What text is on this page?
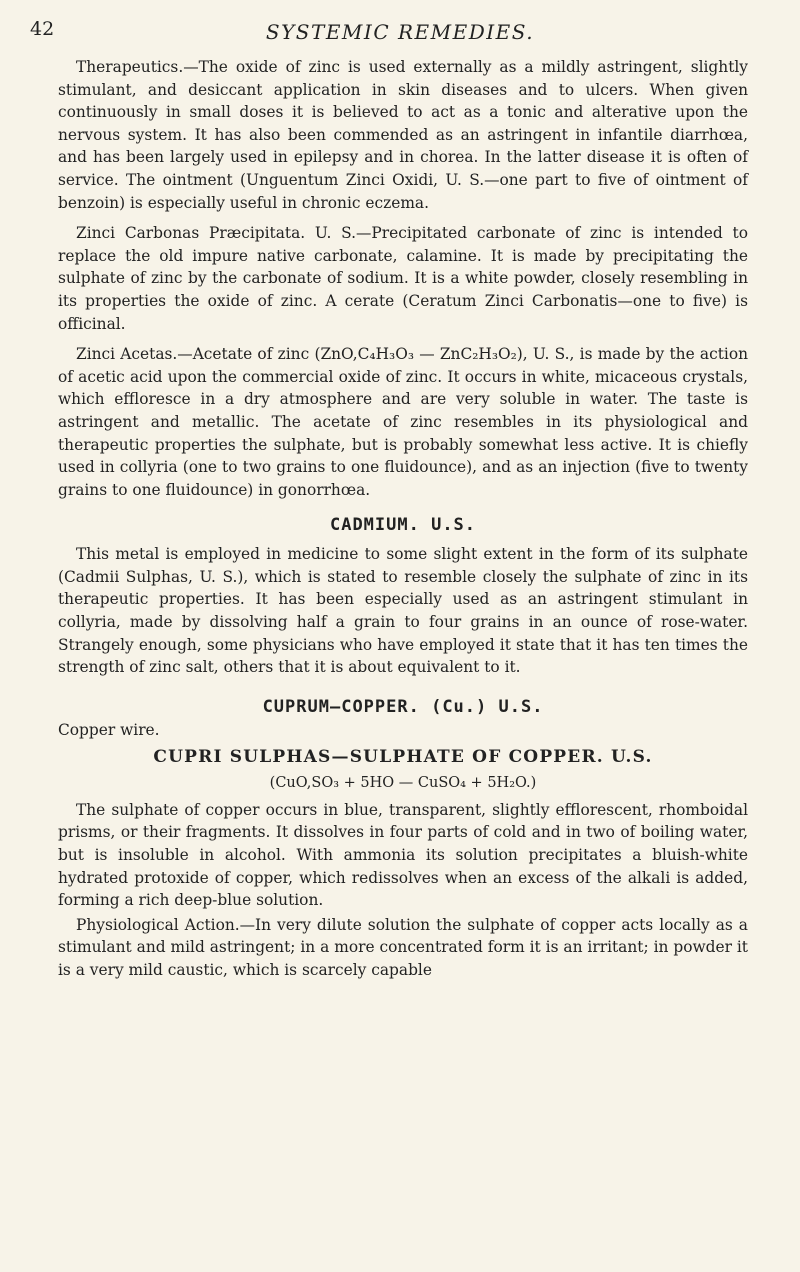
42	SYSTEMIC REMEDIES.

Therapeutics.—The oxide of zinc is used externally as a mildly astringent, slightly stimulant, and desiccant application in skin diseases and to ulcers. When given continuously in small doses it is believed to act as a tonic and alterative upon the nervous system. It has also been commended as an astringent in infantile diarrhœa, and has been largely used in epilepsy and in chorea. In the latter disease it is often of service. The ointment (Unguentum Zinci Oxidi, U. S.—one part to five of ointment of benzoin) is especially useful in chronic eczema.

Zinci Carbonas Præcipitata. U. S.—Precipitated carbonate of zinc is intended to replace the old impure native carbonate, calamine. It is made by precipitating the sulphate of zinc by the carbonate of sodium. It is a white powder, closely resembling in its properties the oxide of zinc. A cerate (Ceratum Zinci Carbonatis—one to five) is officinal.

Zinci Acetas.—Acetate of zinc (ZnO,C₄H₃O₃ — ZnC₂H₃O₂), U. S., is made by the action of acetic acid upon the commercial oxide of zinc. It occurs in white, micaceous crystals, which effloresce in a dry atmosphere and are very soluble in water. The taste is astringent and metallic. The acetate of zinc resembles in its physiological and therapeutic properties the sulphate, but is probably somewhat less active. It is chiefly used in collyria (one to two grains to one fluidounce), and as an injection (five to twenty grains to one fluidounce) in gonorrhœa.

CADMIUM. U.S.

This metal is employed in medicine to some slight extent in the form of its sulphate (Cadmii Sulphas, U. S.), which is stated to resemble closely the sulphate of zinc in its therapeutic properties. It has been especially used as an astringent stimulant in collyria, made by dissolving half a grain to four grains in an ounce of rose-water. Strangely enough, some physicians who have employed it state that it has ten times the strength of zinc salt, others that it is about equivalent to it.

CUPRUM—COPPER. (Cu.) U.S.
Copper wire.
CUPRI SULPHAS—SULPHATE OF COPPER. U.S.
(CuO,SO₃ + 5HO — CuSO₄ + 5H₂O.)

The sulphate of copper occurs in blue, transparent, slightly efflorescent, rhomboidal prisms, or their fragments. It dissolves in four parts of cold and in two of boiling water, but is insoluble in alcohol. With ammonia its solution precipitates a bluish-white hydrated protoxide of copper, which redissolves when an excess of the alkali is added, forming a rich deep-blue solution.

Physiological Action.—In very dilute solution the sulphate of copper acts locally as a stimulant and mild astringent; in a more concentrated form it is an irritant; in powder it is a very mild caustic, which is scarcely capable
